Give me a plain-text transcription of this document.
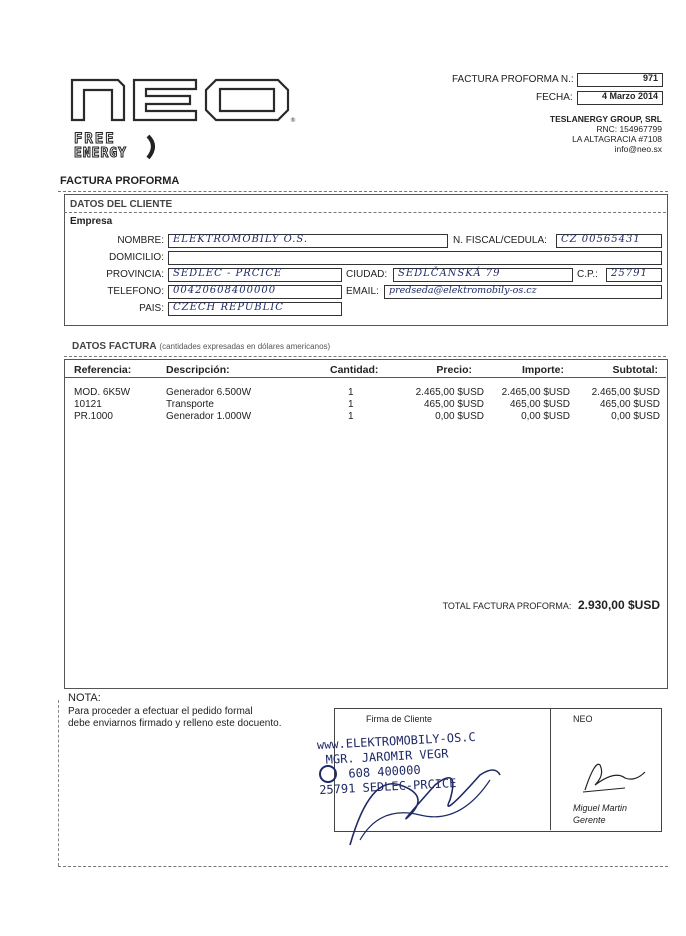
®
FREE
ENERGY
FACTURA PROFORMA N.:	971
FECHA:	4 Marzo 2014
TESLANERGY GROUP, SRL
RNC: 154967799
LA ALTAGRACIA #7108
info@neo.sx
FACTURA PROFORMA
DATOS DEL CLIENTE
Empresa
NOMBRE: ELEKTROMOBILY O.S.	N. FISCAL/CEDULA: CZ 00565431
DOMICILIO:
PROVINCIA: SEDLEC - PRCICE	CIUDAD: SEDLČANSKÁ 79	C.P.: 25791
TELEFONO: 00420608400000	EMAIL: predseda@elektromobily-os.cz
PAIS: CZECH REPUBLIC
DATOS FACTURA (cantidades expresadas en dólares americanos)
Referencia:	Descripción:	Cantidad:	Precio:	Importe:	Subtotal:
MOD. 6K5W	Generador 6.500W	1	2.465,00 $USD	2.465,00 $USD	2.465,00 $USD
10121	Transporte	1	465,00 $USD	465,00 $USD	465,00 $USD
PR.1000	Generador 1.000W	1	0,00 $USD	0,00 $USD	0,00 $USD
TOTAL FACTURA PROFORMA: 2.930,00 $USD
NOTA:
Para proceder a efectuar el pedido formal
debe enviarnos firmado y relleno este docuento.	Firma de Cliente	NEO
www.ELEKTROMOBILY-OS.C
MGR. JAROMIR VEGR
608 400000
25791 SEDLEC-PRCICE
Miguel Martin
Gerente
